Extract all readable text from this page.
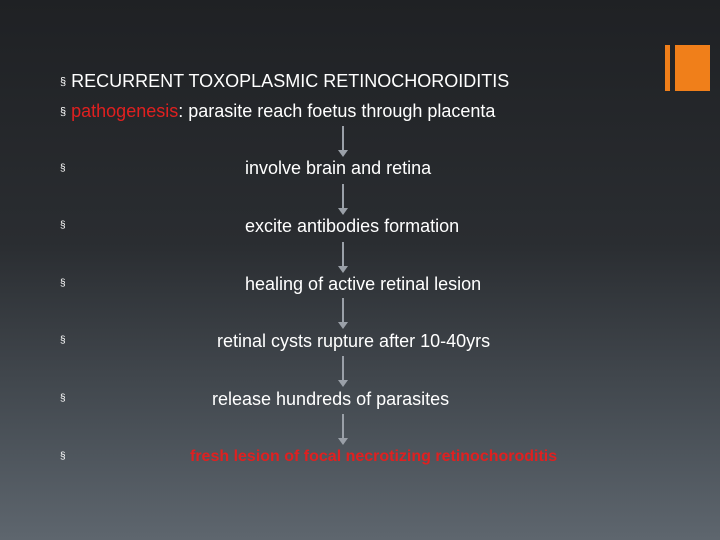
§ RECURRENT TOXOPLASMIC RETINOCHOROIDITIS
§ pathogenesis: parasite reach foetus through placenta
§
§
§
§
§
§
involve brain and retina
excite antibodies formation
healing of active retinal lesion
retinal cysts rupture after 10-40yrs
release hundreds of parasites
fresh lesion of focal necrotizing retinochoroditis
